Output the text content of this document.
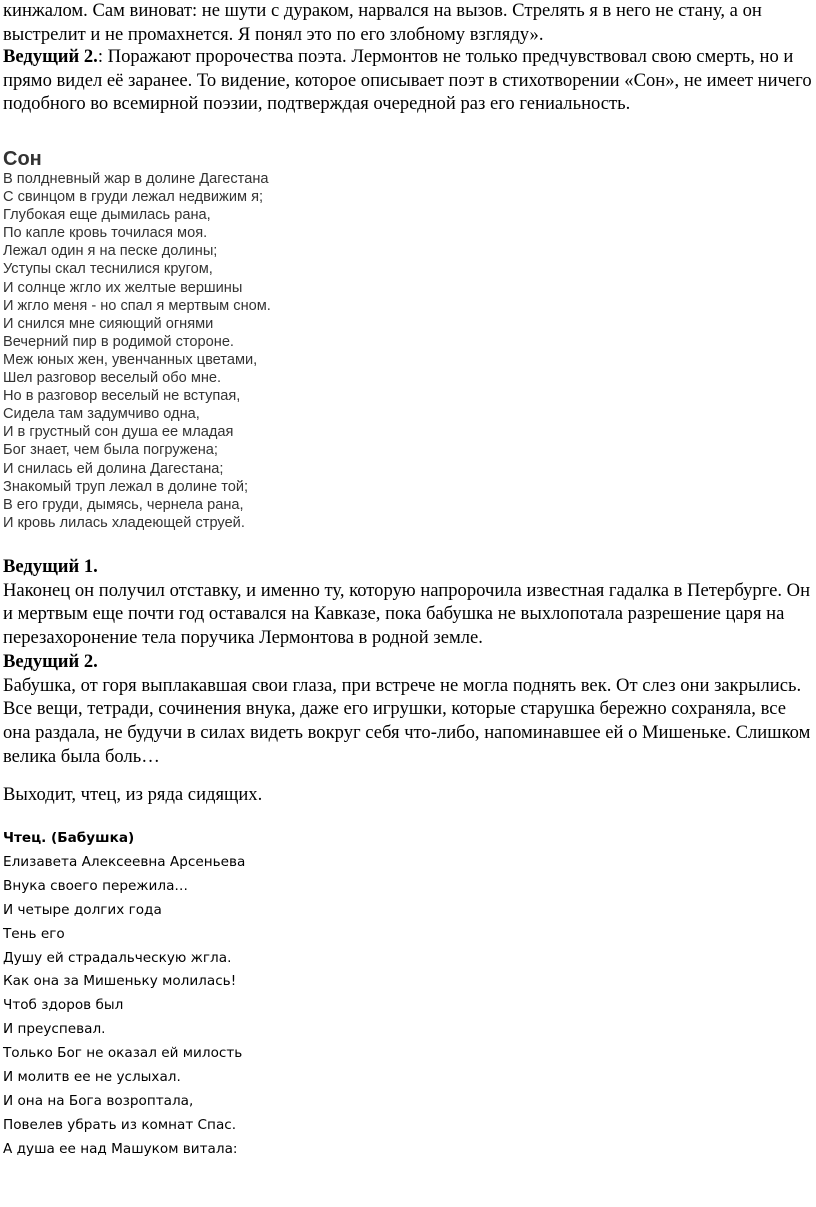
кинжалом. Сам виноват: не шути с дураком, нарвался на вызов. Стрелять я в него не стану, а он выстрелит и не промахнется. Я понял это по его злобному взгляду».
Ведущий 2.: Поражают пророчества поэта. Лермонтов не только предчувствовал свою смерть, но и прямо видел её заранее. То видение, которое описывает поэт в стихотворении «Сон», не имеет ничего подобного во всемирной поэзии, подтверждая очередной раз его гениальность.
Сон
В полдневный жар в долине Дагестана
С свинцом в груди лежал недвижим я;
Глубокая еще дымилась рана,
По капле кровь точилася моя.
Лежал один я на песке долины;
Уступы скал теснилися кругом,
И солнце жгло их желтые вершины
И жгло меня - но спал я мертвым сном.
И снился мне сияющий огнями
Вечерний пир в родимой стороне.
Меж юных жен, увенчанных цветами,
Шел разговор веселый обо мне.
Но в разговор веселый не вступая,
Сидела там задумчиво одна,
И в грустный сон душа ее младая
Бог знает, чем была погружена;
И снилась ей долина Дагестана;
Знакомый труп лежал в долине той;
В его груди, дымясь, чернела рана,
И кровь лилась хладеющей струей.
Ведущий 1.
Наконец он получил отставку, и именно ту, которую напророчила известная гадалка в Петербурге. Он и мертвым еще почти год оставался на Кавказе, пока бабушка не выхлопотала разрешение царя на перезахоронение тела поручика Лермонтова в родной земле.
Ведущий 2.
Бабушка, от горя выплакавшая свои глаза, при встрече не могла поднять век. От слез они закрылись. Все вещи, тетради, сочинения внука, даже его игрушки, которые старушка бережно сохраняла, все она раздала, не будучи в силах видеть вокруг себя что-либо, напоминавшее ей о Мишеньке. Слишком велика была боль…
Выходит, чтец, из ряда сидящих.
Чтец. (Бабушка)
Елизавета Алексеевна Арсеньева
Внука своего пережила…
И четыре долгих года
Тень его
Душу ей страдальческую жгла.
Как она за Мишеньку молилась!
Чтоб здоров был
И преуспевал.
Только Бог не оказал ей милость
И молитв ее не услыхал.
И она на Бога возроптала,
Повелев убрать из комнат Спас.
А душа ее над Машуком витала:
